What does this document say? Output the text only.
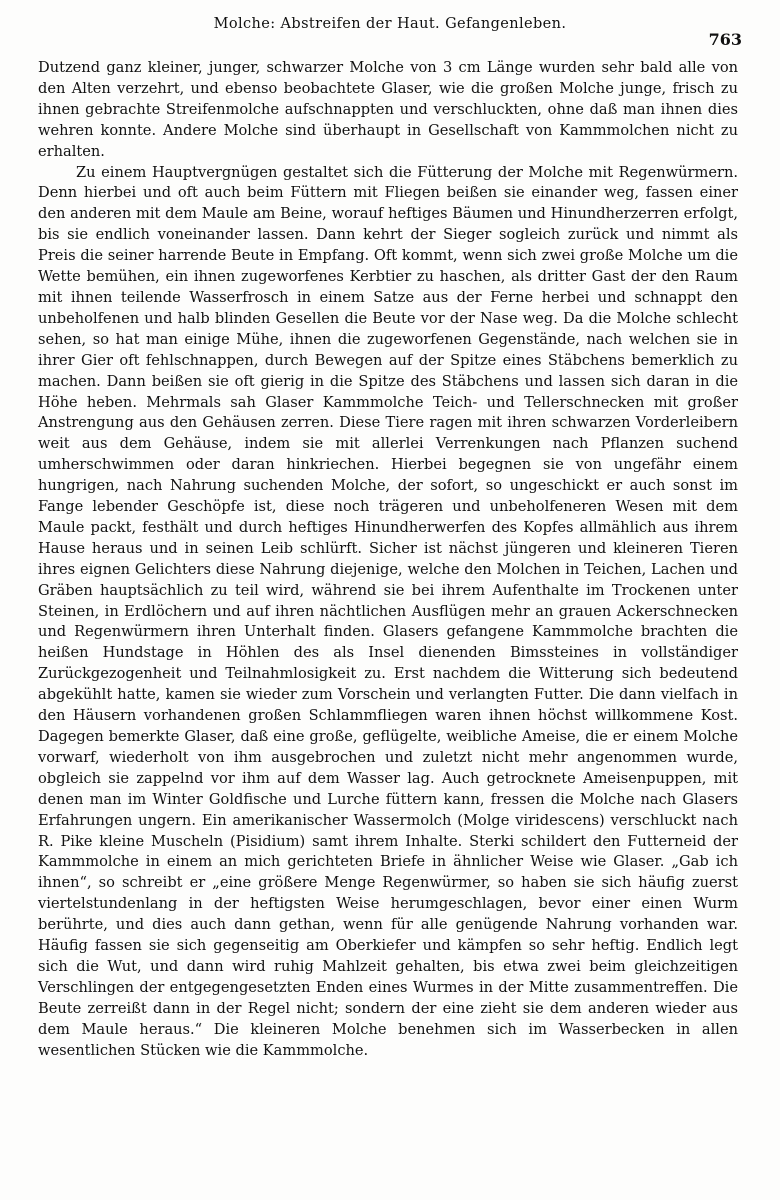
Molche: Abstreifen der Haut. Gefangenleben.
763

Dutzend ganz kleiner, junger, schwarzer Molche von 3 cm Länge wurden sehr bald alle von den Alten verzehrt, und ebenso beobachtete Glaser, wie die großen Molche junge, frisch zu ihnen gebrachte Streifenmolche aufschnappten und verschluckten, ohne daß man ihnen dies wehren konnte. Andere Molche sind überhaupt in Gesellschaft von Kammmolchen nicht zu erhalten.

Zu einem Hauptvergnügen gestaltet sich die Fütterung der Molche mit Regenwürmern. Denn hierbei und oft auch beim Füttern mit Fliegen beißen sie einander weg, fassen einer den anderen mit dem Maule am Beine, worauf heftiges Bäumen und Hinundherzerren erfolgt, bis sie endlich voneinander lassen. Dann kehrt der Sieger sogleich zurück und nimmt als Preis die seiner harrende Beute in Empfang. Oft kommt, wenn sich zwei große Molche um die Wette bemühen, ein ihnen zugeworfenes Kerbtier zu haschen, als dritter Gast der den Raum mit ihnen teilende Wasserfrosch in einem Satze aus der Ferne herbei und schnappt den unbeholfenen und halb blinden Gesellen die Beute vor der Nase weg. Da die Molche schlecht sehen, so hat man einige Mühe, ihnen die zugeworfenen Gegenstände, nach welchen sie in ihrer Gier oft fehlschnappen, durch Bewegen auf der Spitze eines Stäbchens bemerklich zu machen. Dann beißen sie oft gierig in die Spitze des Stäbchens und lassen sich daran in die Höhe heben. Mehrmals sah Glaser Kammmolche Teich- und Tellerschnecken mit großer Anstrengung aus den Gehäusen zerren. Diese Tiere ragen mit ihren schwarzen Vorderleibern weit aus dem Gehäuse, indem sie mit allerlei Verrenkungen nach Pflanzen suchend umherschwimmen oder daran hinkriechen. Hierbei begegnen sie von ungefähr einem hungrigen, nach Nahrung suchenden Molche, der sofort, so ungeschickt er auch sonst im Fange lebender Geschöpfe ist, diese noch trägeren und unbeholfeneren Wesen mit dem Maule packt, festhält und durch heftiges Hinundherwerfen des Kopfes allmählich aus ihrem Hause heraus und in seinen Leib schlürft. Sicher ist nächst jüngeren und kleineren Tieren ihres eignen Gelichters diese Nahrung diejenige, welche den Molchen in Teichen, Lachen und Gräben hauptsächlich zu teil wird, während sie bei ihrem Aufenthalte im Trockenen unter Steinen, in Erdlöchern und auf ihren nächtlichen Ausflügen mehr an grauen Ackerschnecken und Regenwürmern ihren Unterhalt finden. Glasers gefangene Kammmolche brachten die heißen Hundstage in Höhlen des als Insel dienenden Bimssteines in vollständiger Zurückgezogenheit und Teilnahmlosigkeit zu. Erst nachdem die Witterung sich bedeutend abgekühlt hatte, kamen sie wieder zum Vorschein und verlangten Futter. Die dann vielfach in den Häusern vorhandenen großen Schlammfliegen waren ihnen höchst willkommene Kost. Dagegen bemerkte Glaser, daß eine große, geflügelte, weibliche Ameise, die er einem Molche vorwarf, wiederholt von ihm ausgebrochen und zuletzt nicht mehr angenommen wurde, obgleich sie zappelnd vor ihm auf dem Wasser lag. Auch getrocknete Ameisenpuppen, mit denen man im Winter Goldfische und Lurche füttern kann, fressen die Molche nach Glasers Erfahrungen ungern. Ein amerikanischer Wassermolch (Molge viridescens) verschluckt nach R. Pike kleine Muscheln (Pisidium) samt ihrem Inhalte. Sterki schildert den Futterneid der Kammmolche in einem an mich gerichteten Briefe in ähnlicher Weise wie Glaser. „Gab ich ihnen“, so schreibt er „eine größere Menge Regenwürmer, so haben sie sich häufig zuerst viertelstundenlang in der heftigsten Weise herumgeschlagen, bevor einer einen Wurm berührte, und dies auch dann gethan, wenn für alle genügende Nahrung vorhanden war. Häufig fassen sie sich gegenseitig am Oberkiefer und kämpfen so sehr heftig. Endlich legt sich die Wut, und dann wird ruhig Mahlzeit gehalten, bis etwa zwei beim gleichzeitigen Verschlingen der entgegengesetzten Enden eines Wurmes in der Mitte zusammentreffen. Die Beute zerreißt dann in der Regel nicht; sondern der eine zieht sie dem anderen wieder aus dem Maule heraus.“ Die kleineren Molche benehmen sich im Wasserbecken in allen wesentlichen Stücken wie die Kammmolche.
